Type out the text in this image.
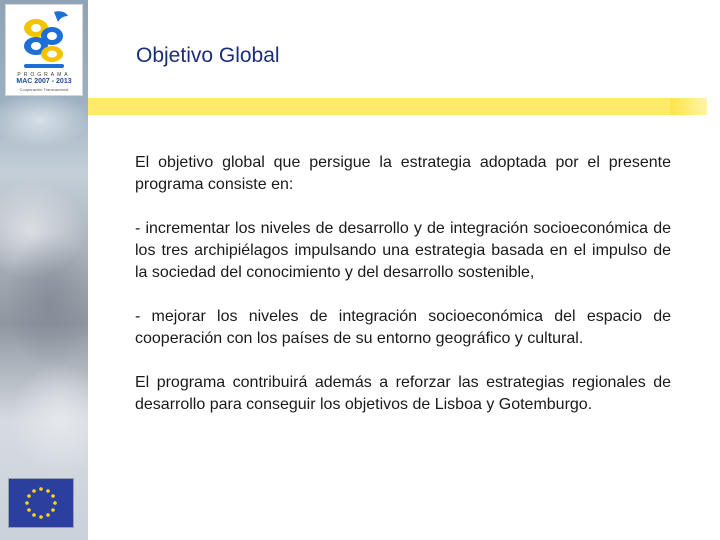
PROGRAMA
MAC 2007 - 2013
Cooperación Transnacional
Objetivo Global

El objetivo global que persigue la estrategia adoptada por el presente programa consiste en:

- incrementar los niveles de desarrollo y de integración socioeconómica de los tres archipiélagos impulsando una estrategia basada en el impulso de la sociedad del conocimiento y del desarrollo sostenible,

- mejorar los niveles de integración socioeconómica del espacio de cooperación con los países de su entorno geográfico y cultural.

El programa contribuirá además a reforzar las estrategias regionales de desarrollo para conseguir los objetivos de Lisboa y Gotemburgo.
